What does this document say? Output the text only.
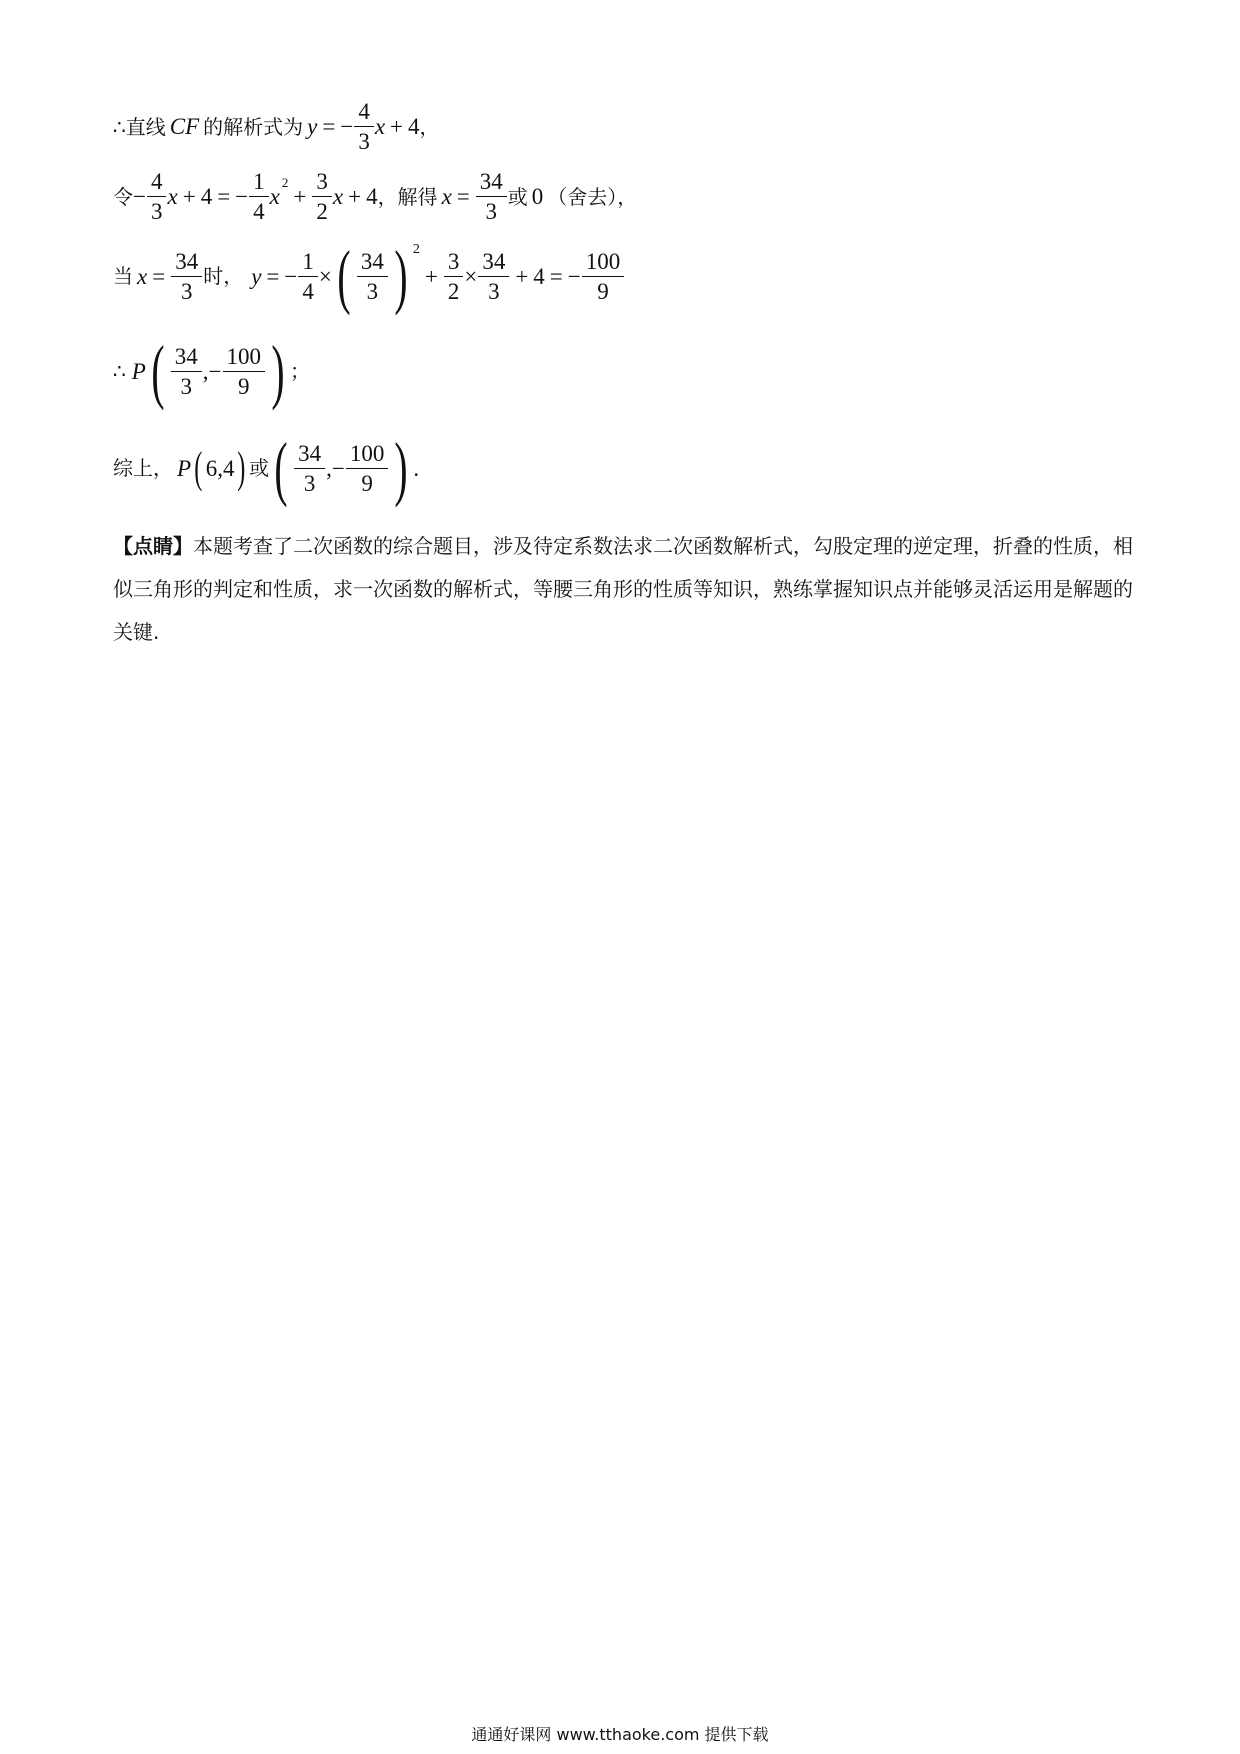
∴直线 CF 的解析式为 y = − $\frac{4}{3}$ x + 4 ，
令 − $\frac{4}{3}$ x + 4 = − $\frac{1}{4}$ x
$^2$
+ $\frac{3}{2}$ x + 4 ，解得 $x = \frac{34}{3}$ 或 0 （舍去），
当 $x = \frac{34}{3}$ 时， y = − $\frac{1}{4}$ × ( $\frac{34}{3}$ ) $^2$
+ $\frac{3}{2} \times \frac{34}{3} + 4$ = − $\frac{100}{9}$
∴ P ( $\frac{34}{3}$ , − $\frac{100}{9}$ ) ；
综上， P ( 6,4 ) 或 ( $\frac{34}{3}$ , − $\frac{100}{9}$ ) .
【点睛】本题考查了二次函数的综合题目，涉及待定系数法求二次函数解析式，勾股定理的逆定理，折叠的性质，相似三角形的判定和性质，求一次函数的解析式，等腰三角形的性质等知识，熟练掌握知识点并能够灵活运用是解题的关键.
通通好课网 www.tthaoke.com 提供下载
